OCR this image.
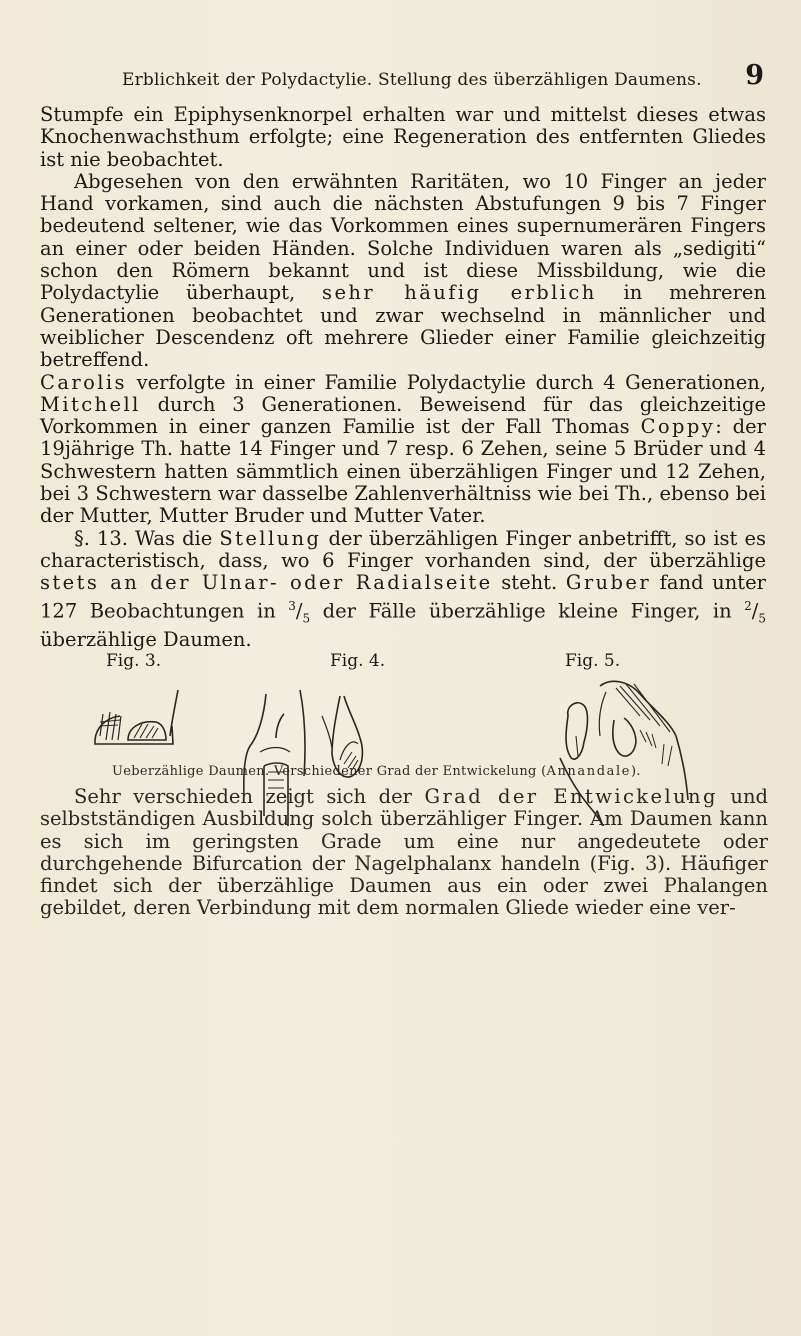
Erblichkeit der Polydactylie. Stellung des überzähligen Daumens. 9

Stumpfe ein Epiphysenknorpel erhalten war und mittelst dieses etwas Knochenwachsthum erfolgte; eine Regeneration des entfernten Gliedes ist nie beobachtet.

Abgesehen von den erwähnten Raritäten, wo 10 Finger an jeder Hand vorkamen, sind auch die nächsten Abstufungen 9 bis 7 Finger bedeutend seltener, wie das Vorkommen eines supernumerären Fingers an einer oder beiden Händen. Solche Individuen waren als „sedigiti“ schon den Römern bekannt und ist diese Missbildung, wie die Polydactylie überhaupt, sehr häufig erblich in mehreren Generationen beobachtet und zwar wechselnd in männlicher und weiblicher Descendenz oft mehrere Glieder einer Familie gleichzeitig betreffend.
Carolis verfolgte in einer Familie Polydactylie durch 4 Generationen, Mitchell durch 3 Generationen. Beweisend für das gleichzeitige Vorkommen in einer ganzen Familie ist der Fall Thomas Coppy: der 19jährige Th. hatte 14 Finger und 7 resp. 6 Zehen, seine 5 Brüder und 4 Schwestern hatten sämmtlich einen überzähligen Finger und 12 Zehen, bei 3 Schwestern war dasselbe Zahlenverhältniss wie bei Th., ebenso bei der Mutter, Mutter Bruder und Mutter Vater.

§. 13. Was die Stellung der überzähligen Finger anbetrifft, so ist es characteristisch, dass, wo 6 Finger vorhanden sind, der überzählige stets an der Ulnar- oder Radialseite steht. Gruber fand unter 127 Beobachtungen in $^3/_5$ der Fälle überzählige kleine Finger, in $^2/_5$ überzählige Daumen.

Fig. 3.	Fig. 4.	Fig. 5.
Ueberzählige Daumen. Verschiedener Grad der Entwickelung (Annandale).

Sehr verschieden zeigt sich der Grad der Entwickelung und selbstständigen Ausbildung solch überzähliger Finger. Am Daumen kann es sich im geringsten Grade um eine nur angedeutete oder durchgehende Bifurcation der Nagelphalanx handeln (Fig. 3). Häufiger findet sich der überzählige Daumen aus ein oder zwei Phalangen gebildet, deren Verbindung mit dem normalen Gliede wieder eine ver-
